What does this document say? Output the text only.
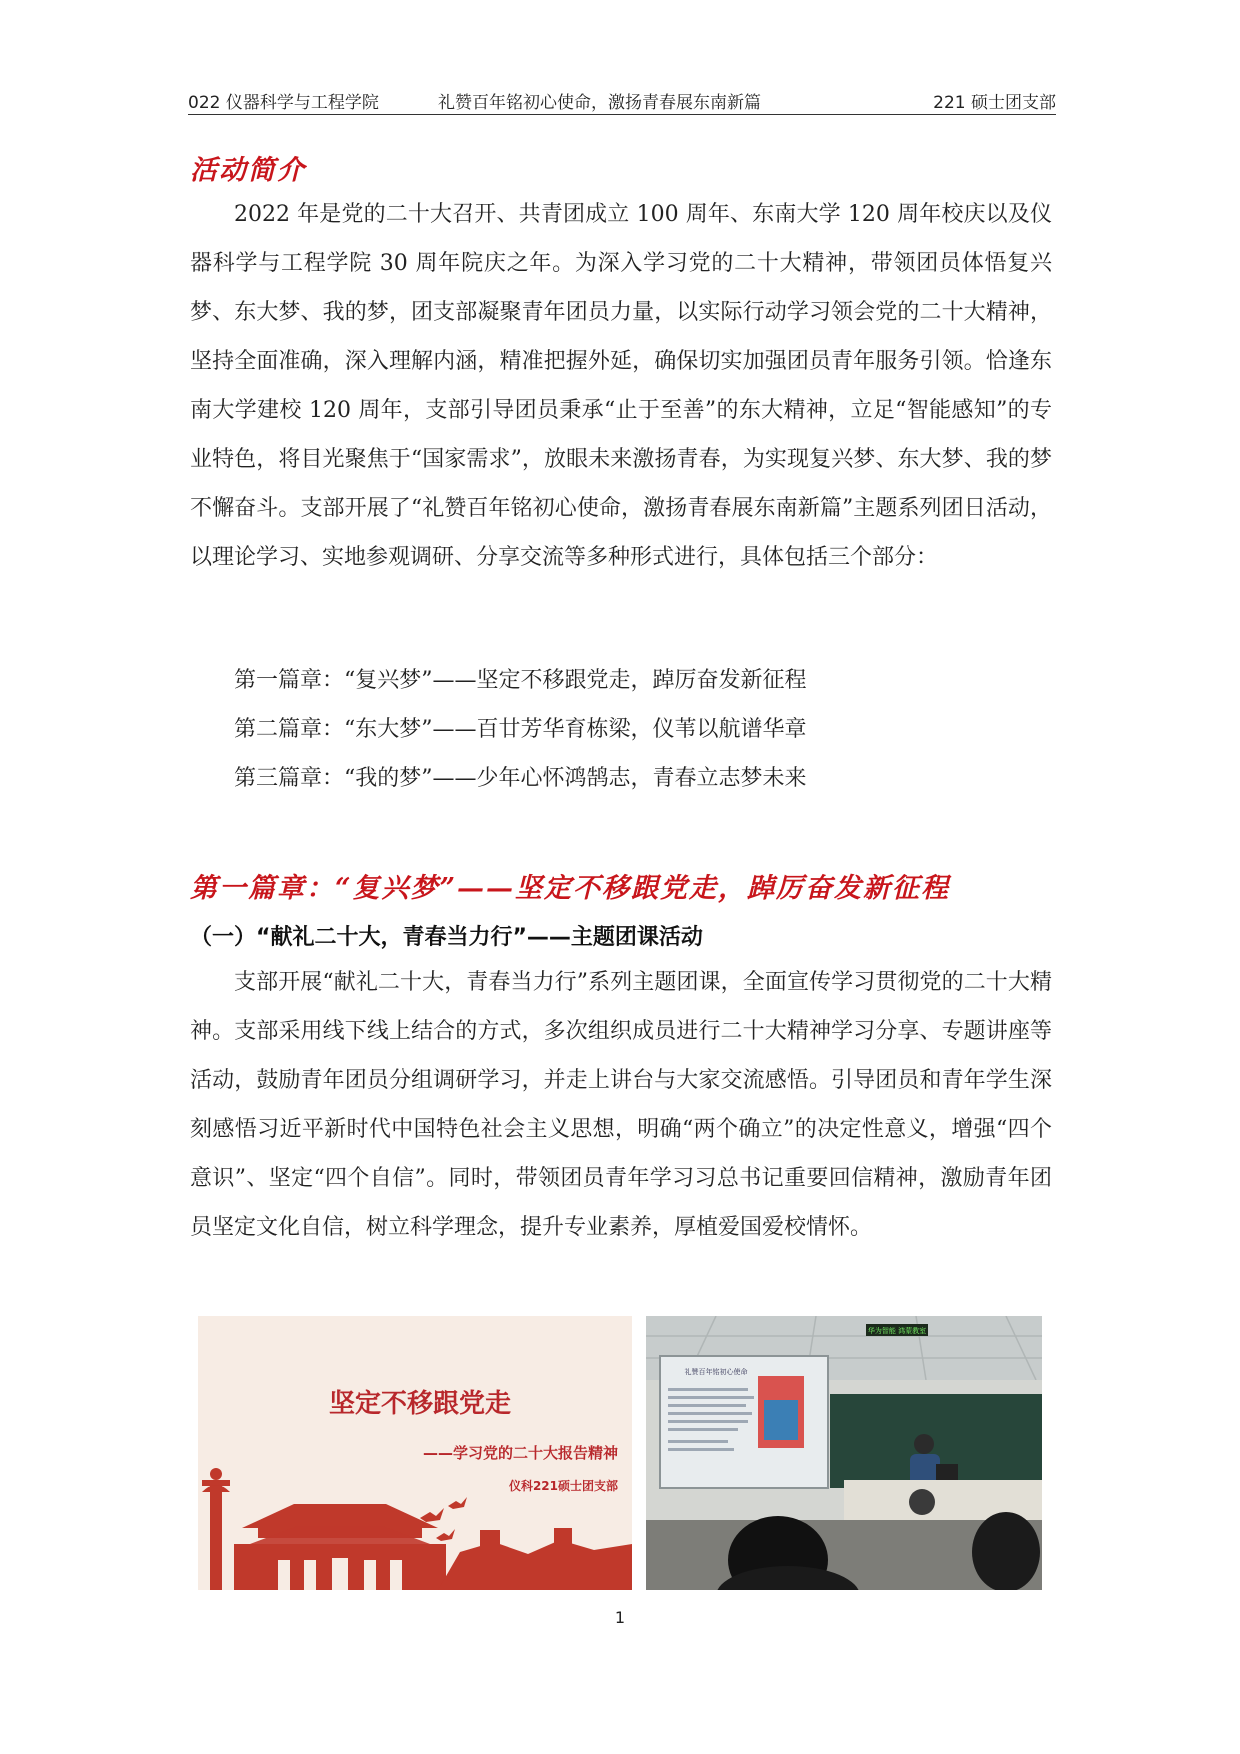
022 仪器科学与工程学院	礼赞百年铭初心使命，激扬青春展东南新篇	221 硕士团支部
活动简介

2022 年是党的二十大召开、共青团成立 100 周年、东南大学 120 周年校庆以及仪器科学与工程学院 30 周年院庆之年。为深入学习党的二十大精神，带领团员体悟复兴梦、东大梦、我的梦，团支部凝聚青年团员力量，以实际行动学习领会党的二十大精神，坚持全面准确，深入理解内涵，精准把握外延，确保切实加强团员青年服务引领。恰逢东南大学建校 120 周年，支部引导团员秉承“止于至善”的东大精神，立足“智能感知”的专业特色，将目光聚焦于“国家需求”，放眼未来激扬青春，为实现复兴梦、东大梦、我的梦不懈奋斗。支部开展了“礼赞百年铭初心使命，激扬青春展东南新篇”主题系列团日活动，以理论学习、实地参观调研、分享交流等多种形式进行，具体包括三个部分：

第一篇章：“复兴梦”——坚定不移跟党走，踔厉奋发新征程
第二篇章：“东大梦”——百廿芳华育栋梁，仪苇以航谱华章
第三篇章：“我的梦”——少年心怀鸿鹄志，青春立志梦未来
第一篇章：“复兴梦”——坚定不移跟党走，踔厉奋发新征程
（一）“献礼二十大，青春当力行”——主题团课活动

支部开展“献礼二十大，青春当力行”系列主题团课，全面宣传学习贯彻党的二十大精神。支部采用线下线上结合的方式，多次组织成员进行二十大精神学习分享、专题讲座等活动，鼓励青年团员分组调研学习，并走上讲台与大家交流感悟。引导团员和青年学生深刻感悟习近平新时代中国特色社会主义思想，明确“两个确立”的决定性意义，增强“四个意识”、坚定“四个自信”。同时，带领团员青年学习习总书记重要回信精神，激励青年团员坚定文化自信，树立科学理念，提升专业素养，厚植爱国爱校情怀。

坚定不移跟党走
——学习党的二十大报告精神
仪科221硕士团支部
华为智能 鸿蒙教室
礼赞百年铭初心使命
1
